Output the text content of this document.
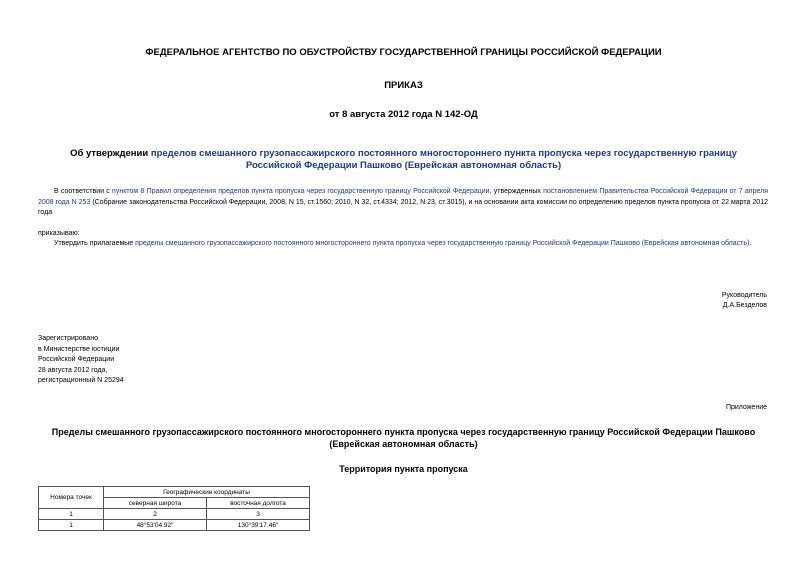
ФЕДЕРАЛЬНОЕ АГЕНТСТВО ПО ОБУСТРОЙСТВУ ГОСУДАРСТВЕННОЙ ГРАНИЦЫ РОССИЙСКОЙ ФЕДЕРАЦИИ
ПРИКАЗ
от 8 августа 2012 года N 142-ОД
Об утверждении пределов смешанного грузопассажирского постоянного многостороннего пункта пропуска через государственную границу Российской Федерации Пашково (Еврейская автономная область)
В соответствии с пунктом 8 Правил определения пределов пункта пропуска через государственную границу Российской Федерации, утвержденных постановлением Правительства Российской Федерации от 7 апреля 2008 года N 253 (Собрание законодательства Российской Федерации, 2008, N 15, ст.1560; 2010, N 32, ст.4334; 2012, N 23, ст.3015), и на основании акта комиссии по определению пределов пункта пропуска от 22 марта 2012 года
приказываю:
Утвердить прилагаемые пределы смешанного грузопассажирского постоянного многостороннего пункта пропуска через государственную границу Российской Федерации Пашково (Еврейская автономная область).
Руководитель
Д.А.Безделов
Зарегистрировано
в Министерстве юстиции
Российской Федерации
28 августа 2012 года,
регистрационный N 25294
Приложение
Пределы смешанного грузопассажирского постоянного многостороннего пункта пропуска через государственную границу Российской Федерации Пашково (Еврейская автономная область)
Территория пункта пропуска
Номера точек	Географические координаты	
	северная широта	восточная долгота
1	2	3
1	48°53'04.92"	130°39'17.46"
